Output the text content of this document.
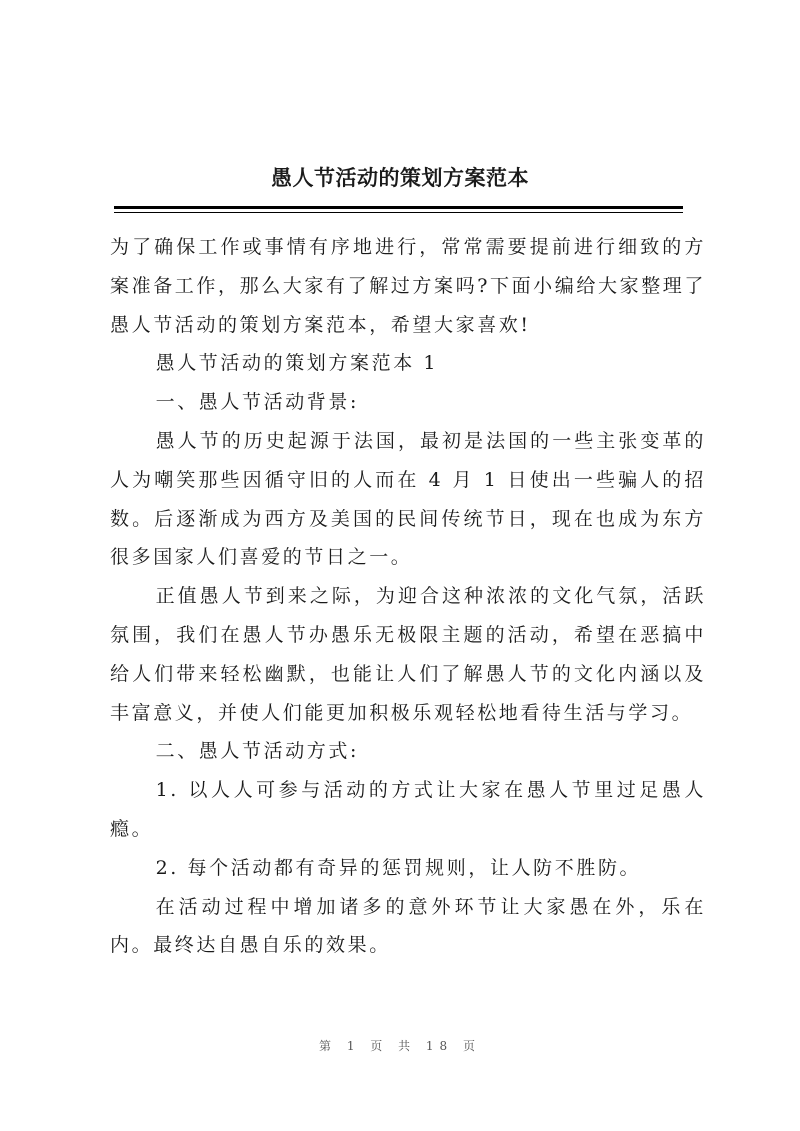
愚人节活动的策划方案范本

为了确保工作或事情有序地进行，常常需要提前进行细致的方案准备工作，那么大家有了解过方案吗?下面小编给大家整理了愚人节活动的策划方案范本，希望大家喜欢!

愚人节活动的策划方案范本 1

一、愚人节活动背景:

愚人节的历史起源于法国，最初是法国的一些主张变革的人为嘲笑那些因循守旧的人而在 4 月 1 日使出一些骗人的招数。后逐渐成为西方及美国的民间传统节日，现在也成为东方很多国家人们喜爱的节日之一。

正值愚人节到来之际，为迎合这种浓浓的文化气氛，活跃氛围，我们在愚人节办愚乐无极限主题的活动，希望在恶搞中给人们带来轻松幽默，也能让人们了解愚人节的文化内涵以及丰富意义，并使人们能更加积极乐观轻松地看待生活与学习。

二、愚人节活动方式:

1. 以人人可参与活动的方式让大家在愚人节里过足愚人瘾。

2. 每个活动都有奇异的惩罚规则，让人防不胜防。

在活动过程中增加诸多的意外环节让大家愚在外，乐在内。最终达自愚自乐的效果。

第 1 页 共 18 页
